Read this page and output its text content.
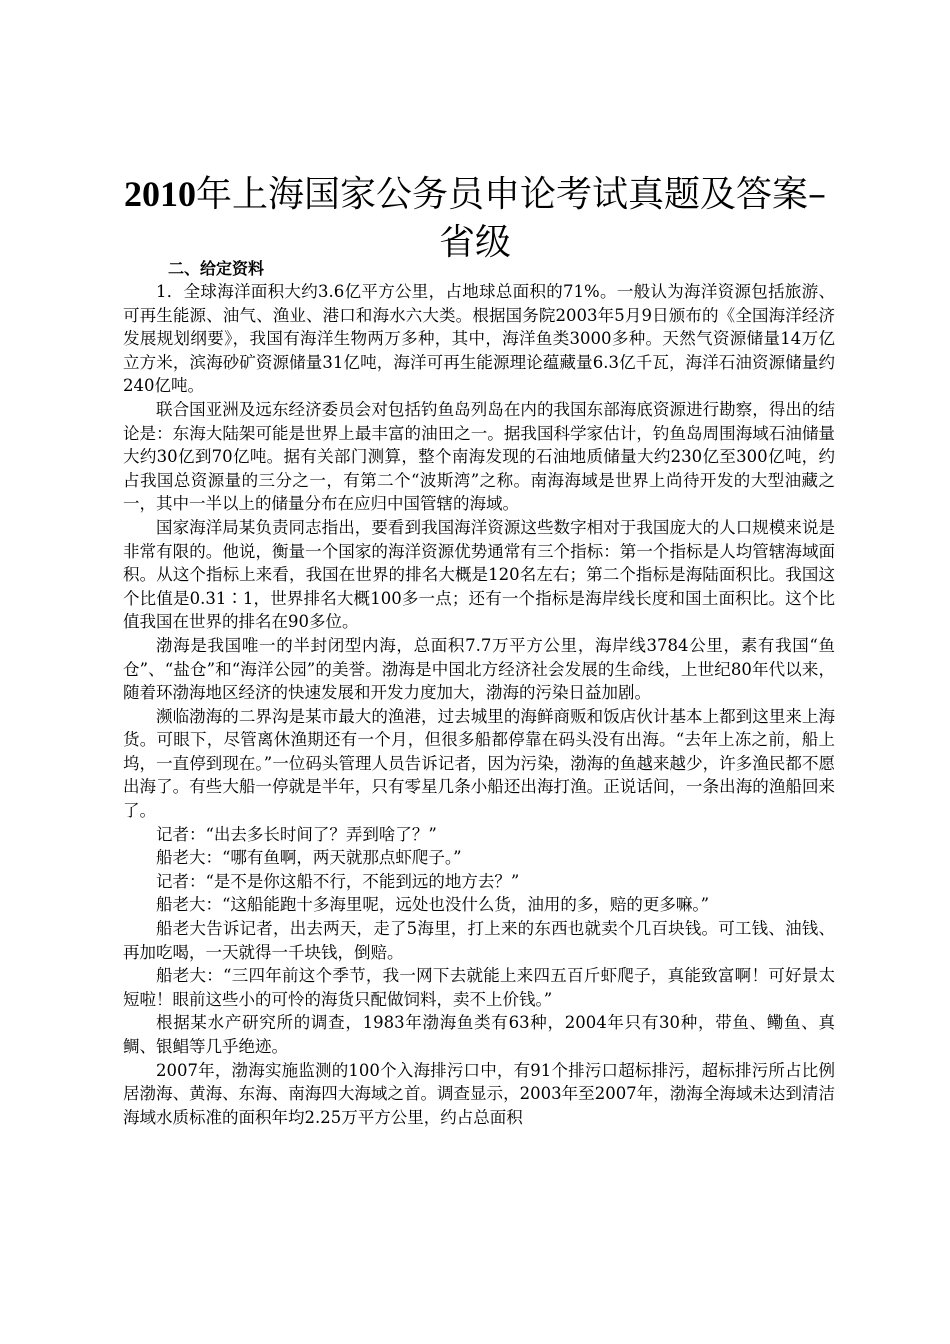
2010年上海国家公务员申论考试真题及答案–省级
二、给定资料

1．全球海洋面积大约3.6亿平方公里，占地球总面积的71%。一般认为海洋资源包括旅游、可再生能源、油气、渔业、港口和海水六大类。根据国务院2003年5月9日颁布的《全国海洋经济发展规划纲要》，我国有海洋生物两万多种，其中，海洋鱼类3000多种。天然气资源储量14万亿立方米，滨海砂矿资源储量31亿吨，海洋可再生能源理论蕴藏量6.3亿千瓦，海洋石油资源储量约240亿吨。

联合国亚洲及远东经济委员会对包括钓鱼岛列岛在内的我国东部海底资源进行勘察，得出的结论是：东海大陆架可能是世界上最丰富的油田之一。据我国科学家估计，钓鱼岛周围海域石油储量大约30亿到70亿吨。据有关部门测算，整个南海发现的石油地质储量大约230亿至300亿吨，约占我国总资源量的三分之一，有第二个“波斯湾”之称。南海海域是世界上尚待开发的大型油藏之一，其中一半以上的储量分布在应归中国管辖的海域。

国家海洋局某负责同志指出，要看到我国海洋资源这些数字相对于我国庞大的人口规模来说是非常有限的。他说，衡量一个国家的海洋资源优势通常有三个指标：第一个指标是人均管辖海域面积。从这个指标上来看，我国在世界的排名大概是120名左右；第二个指标是海陆面积比。我国这个比值是0.31∶1，世界排名大概100多一点；还有一个指标是海岸线长度和国土面积比。这个比值我国在世界的排名在90多位。

渤海是我国唯一的半封闭型内海，总面积7.7万平方公里，海岸线3784公里，素有我国“鱼仓”、“盐仓”和“海洋公园”的美誉。渤海是中国北方经济社会发展的生命线，上世纪80年代以来，随着环渤海地区经济的快速发展和开发力度加大，渤海的污染日益加剧。

濒临渤海的二界沟是某市最大的渔港，过去城里的海鲜商贩和饭店伙计基本上都到这里来上海货。可眼下，尽管离休渔期还有一个月，但很多船都停靠在码头没有出海。“去年上冻之前，船上坞，一直停到现在。”一位码头管理人员告诉记者，因为污染，渤海的鱼越来越少，许多渔民都不愿出海了。有些大船一停就是半年，只有零星几条小船还出海打渔。正说话间，一条出海的渔船回来了。

记者：“出去多长时间了？弄到啥了？”

船老大：“哪有鱼啊，两天就那点虾爬子。”

记者：“是不是你这船不行，不能到远的地方去？”

船老大：“这船能跑十多海里呢，远处也没什么货，油用的多，赔的更多嘛。”

船老大告诉记者，出去两天，走了5海里，打上来的东西也就卖个几百块钱。可工钱、油钱、再加吃喝，一天就得一千块钱，倒赔。

船老大：“三四年前这个季节，我一网下去就能上来四五百斤虾爬子，真能致富啊！可好景太短啦！眼前这些小的可怜的海货只配做饲料，卖不上价钱。”

根据某水产研究所的调查，1983年渤海鱼类有63种，2004年只有30种，带鱼、鳓鱼、真鲷、银鲳等几乎绝迹。

2007年，渤海实施监测的100个入海排污口中，有91个排污口超标排污，超标排污所占比例居渤海、黄海、东海、南海四大海域之首。调查显示，2003年至2007年，渤海全海域未达到清洁海域水质标准的面积年均2.25万平方公里，约占总面积
